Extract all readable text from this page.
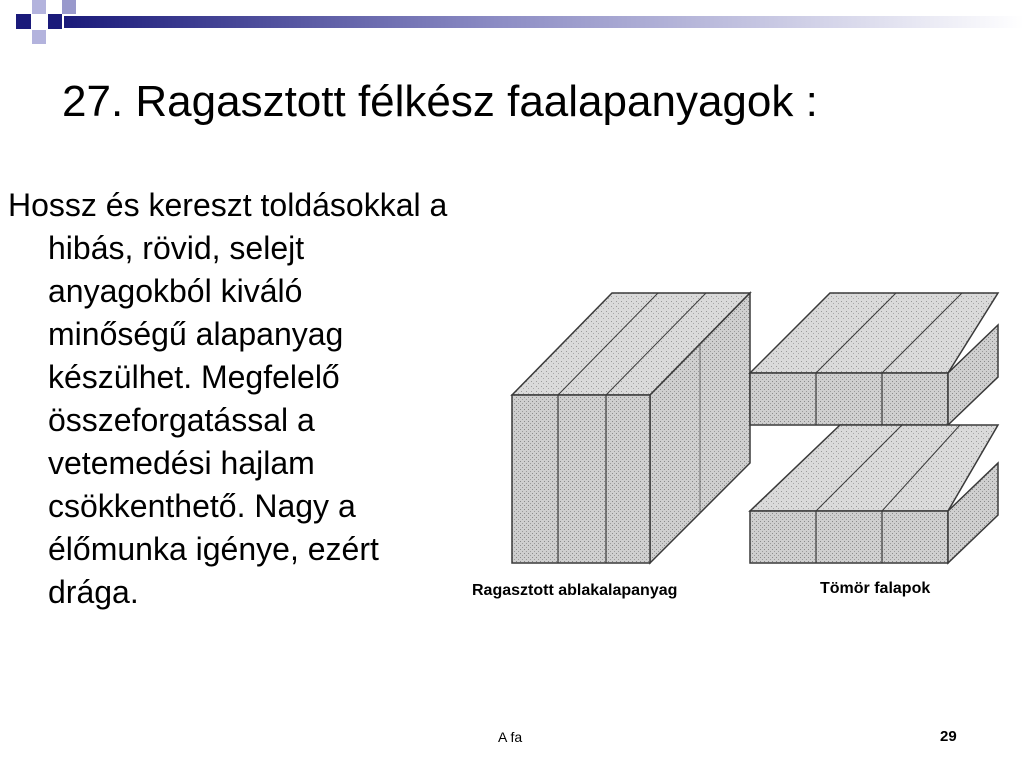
27. Ragasztott félkész faalapanyagok :

Hossz és kereszt toldásokkal a hibás, rövid, selejt anyagokból kiváló minőségű alapanyag készülhet. Megfelelő összeforgatással a vetemedési hajlam csökkenthető. Nagy a élőmunka igénye, ezért drága.	Ragasztott ablakalapanyag	Tömör falapok
A fa	29
